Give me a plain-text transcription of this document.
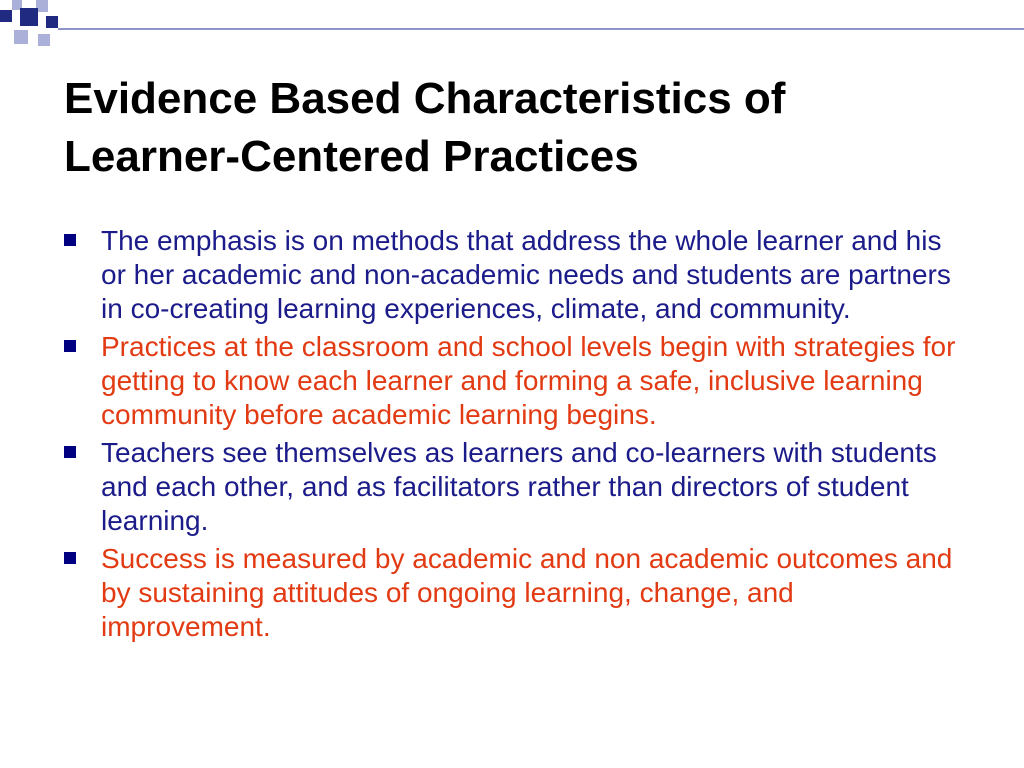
Evidence Based Characteristics of
Learner-Centered Practices
The emphasis is on methods that address the whole learner and his or her academic and non-academic needs and students are partners in co-creating learning experiences, climate, and community.
Practices at the classroom and school levels begin with strategies for getting to know each learner and forming a safe, inclusive learning community before academic learning begins.
Teachers see themselves as learners and co-learners with students and each other, and as facilitators rather than directors of student learning.
Success is measured by academic and non academic outcomes and by sustaining attitudes of ongoing learning, change, and improvement.
